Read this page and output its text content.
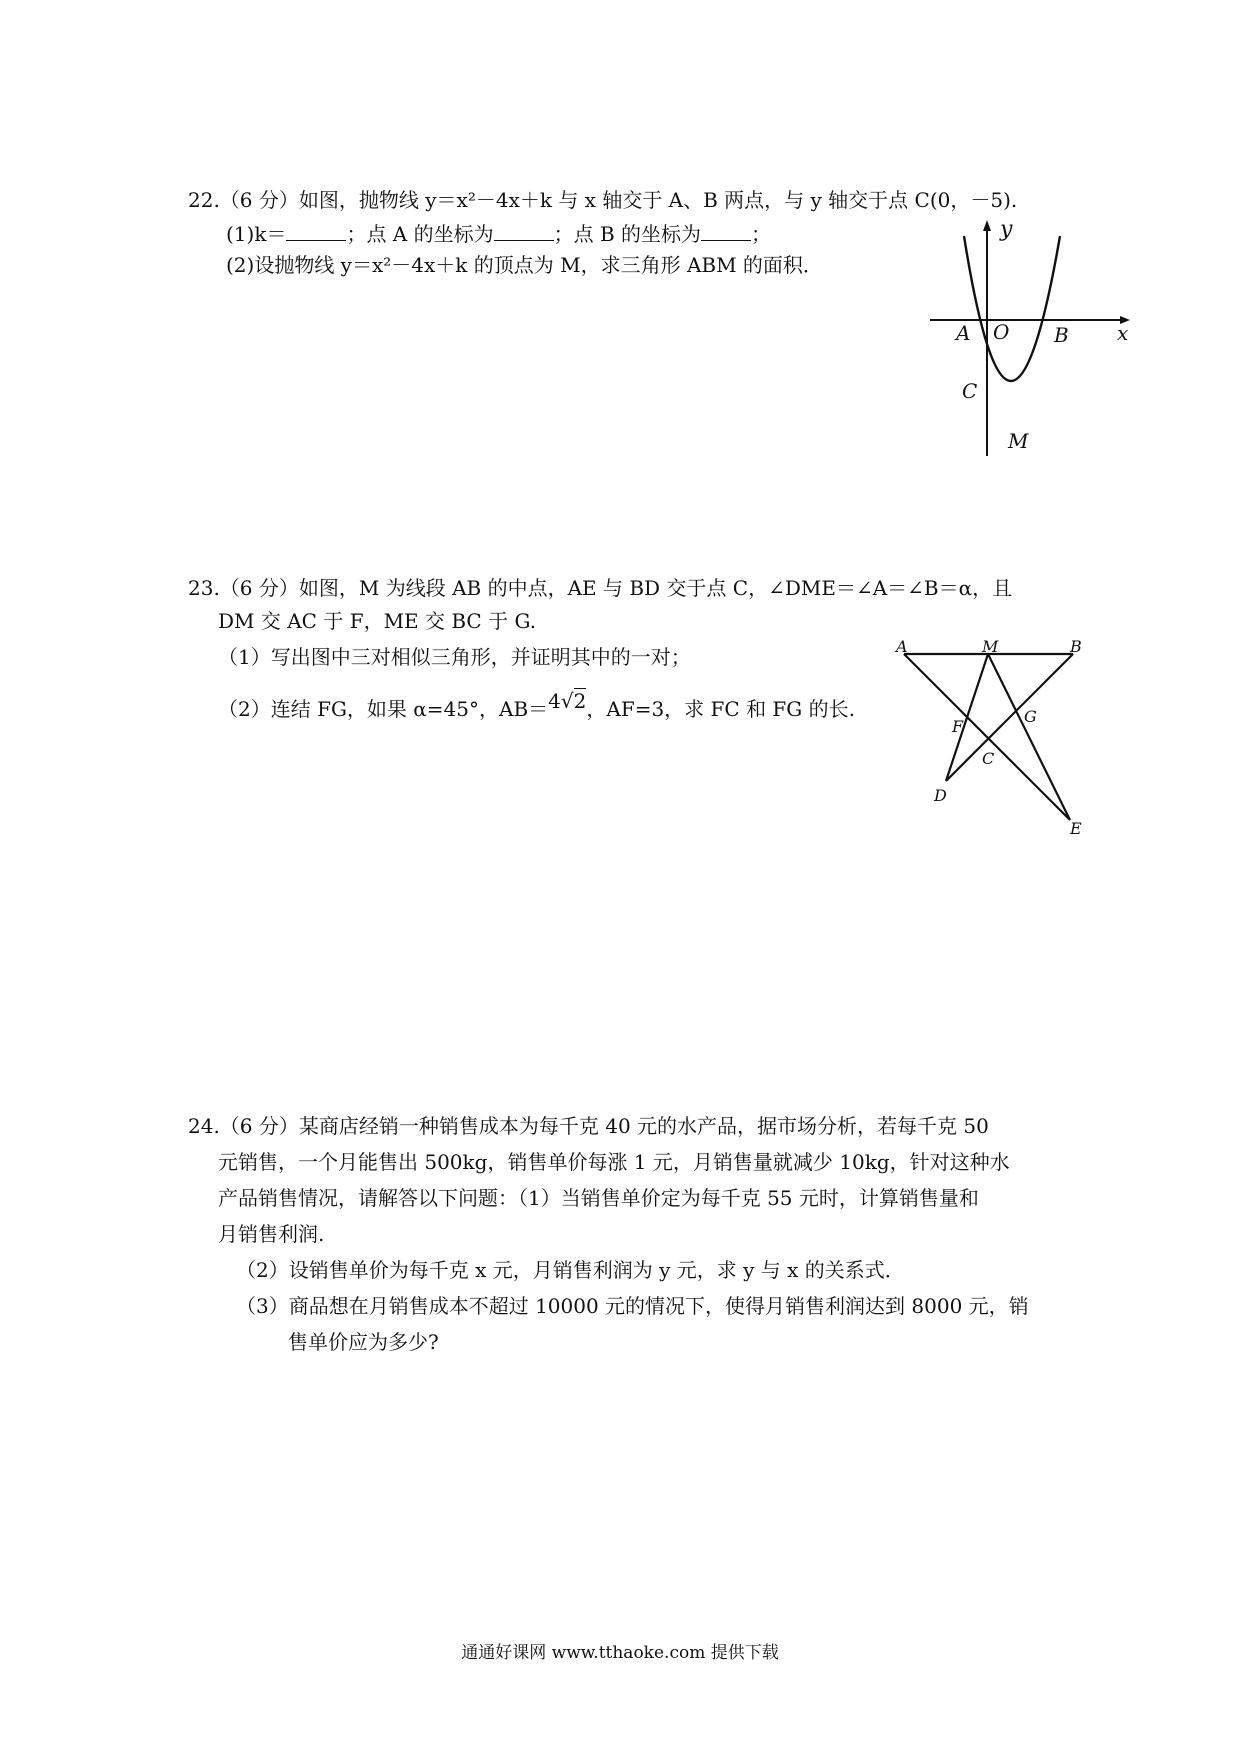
22.（6 分）如图，抛物线 y＝x²－4x＋k 与 x 轴交于 A、B 两点，与 y 轴交于点 C(0，－5).
(1)k＝	；点 A 的坐标为	；点 B 的坐标为	；
(2)设抛物线 y＝x²－4x＋k 的顶点为 M，求三角形 ABM 的面积．
y
x
A O B
C
M
23.（6 分）如图，M 为线段 AB 的中点，AE 与 BD 交于点 C，∠DME＝∠A＝∠B＝α，且
DM 交 AC 于 F，ME 交 BC 于 G.
（1）写出图中三对相似三角形，并证明其中的一对；
（2）连结 FG，如果 α=45°，AB＝4√2，AF=3，求 FC 和 FG 的长.
A	M	B
F
G
C
D
E
24.（6 分）某商店经销一种销售成本为每千克 40 元的水产品，据市场分析，若每千克 50
元销售，一个月能售出 500kg，销售单价每涨 1 元，月销售量就减少 10kg，针对这种水
产品销售情况，请解答以下问题：（1）当销售单价定为每千克 55 元时，计算销售量和
月销售利润.
（2）设销售单价为每千克 x 元，月销售利润为 y 元，求 y 与 x 的关系式．
（3）商品想在月销售成本不超过 10000 元的情况下，使得月销售利润达到 8000 元，销
售单价应为多少?
通通好课网 www.tthaoke.com 提供下载
